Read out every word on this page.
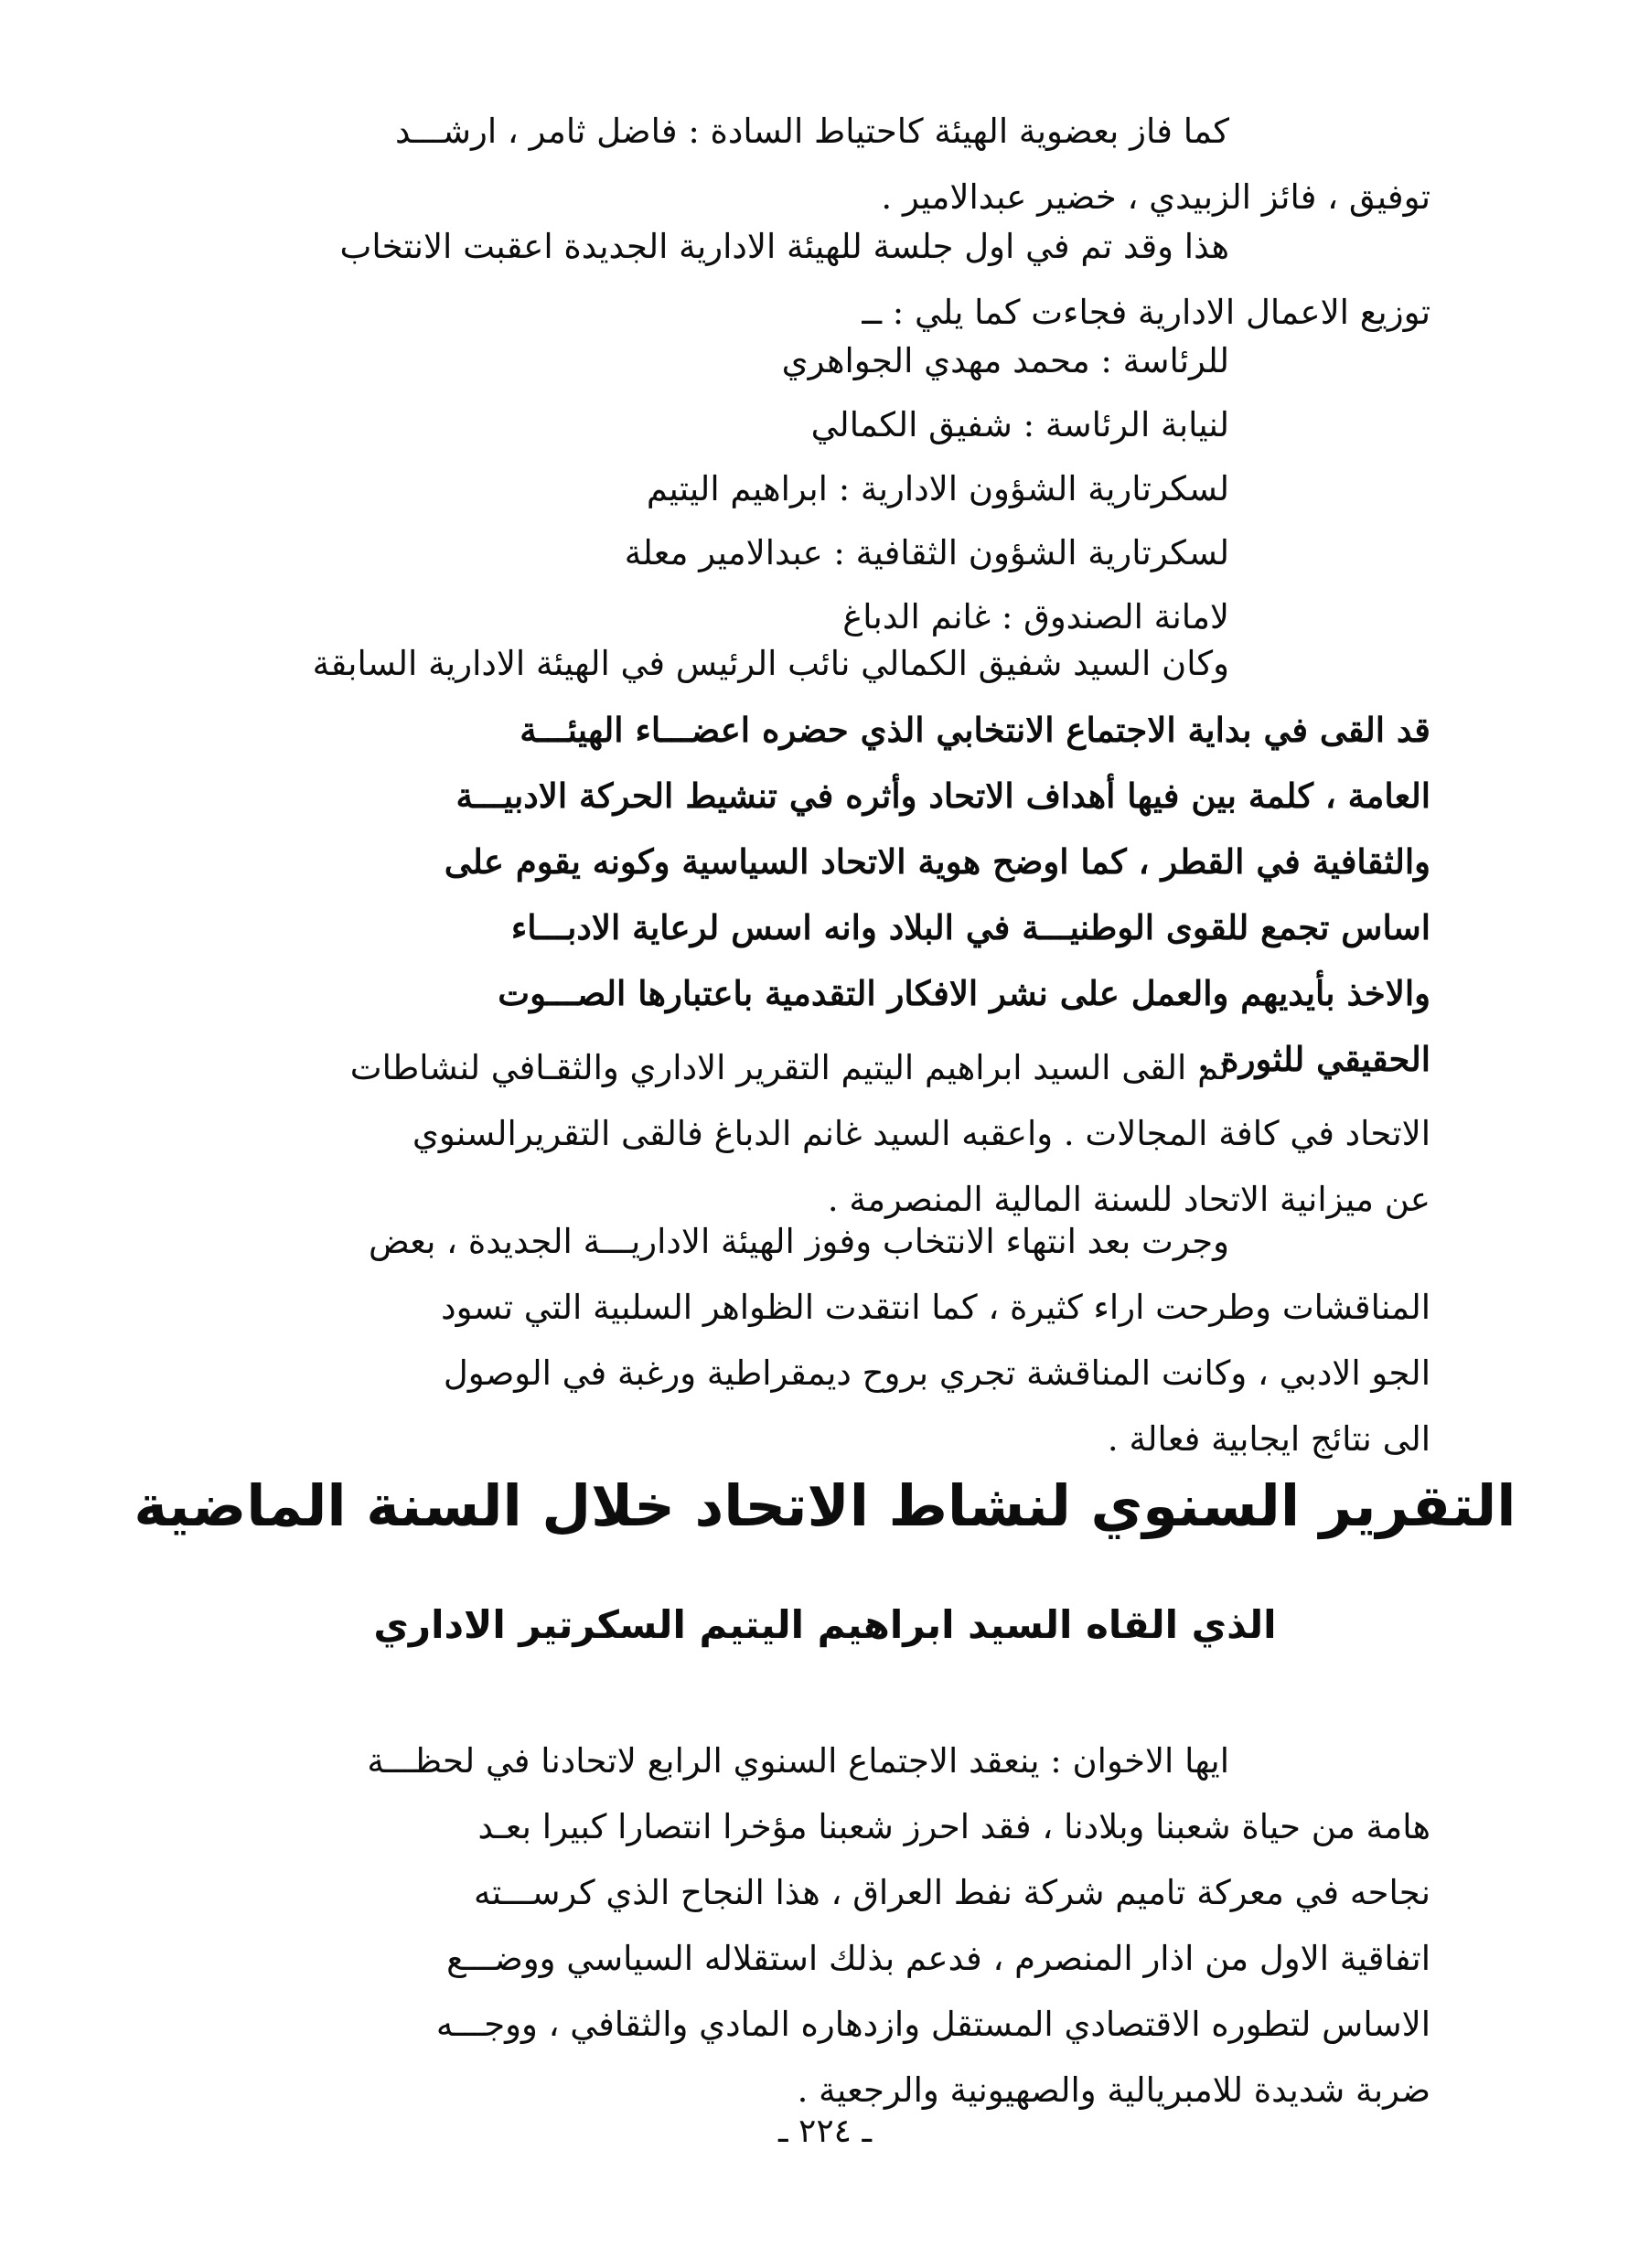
كما فاز بعضوية الهيئة كاحتياط السادة : فاضل ثامر ، ارشـــد
توفيق ، فائز الزبيدي ، خضير عبدالامير .
هذا وقد تم في اول جلسة للهيئة الادارية الجديدة اعقبت الانتخاب
توزيع الاعمال الادارية فجاءت كما يلي : ــ
للرئاسة : محمد مهدي الجواهري
لنيابة الرئاسة : شفيق الكمالي
لسكرتارية الشؤون الادارية : ابراهيم اليتيم
لسكرتارية الشؤون الثقافية : عبدالامير معلة
لامانة الصندوق : غانم الدباغ
وكان السيد شفيق الكمالي نائب الرئيس في الهيئة الادارية السابقة
قد القى في بداية الاجتماع الانتخابي الذي حضره اعضـــاء الهيئـــة
العامة ، كلمة بين فيها أهداف الاتحاد وأثره في تنشيط الحركة الادبيـــة
والثقافية في القطر ، كما اوضح هوية الاتحاد السياسية وكونه يقوم على
اساس تجمع للقوى الوطنيـــة في البلاد وانه اسس لرعاية الادبـــاء
والاخذ بأيديهم والعمل على نشر الافكار التقدمية باعتبارها الصـــوت
الحقيقي للثورة .
ثم القى السيد ابراهيم اليتيم التقرير الاداري والثقـافي لنشاطات
الاتحاد في كافة المجالات . واعقبه السيد غانم الدباغ فالقى التقريرالسنوي
عن ميزانية الاتحاد للسنة المالية المنصرمة .
وجرت بعد انتهاء الانتخاب وفوز الهيئة الاداريـــة الجديدة ، بعض
المناقشات وطرحت اراء كثيرة ، كما انتقدت الظواهر السلبية التي تسود
الجو الادبي ، وكانت المناقشة تجري بروح ديمقراطية ورغبة في الوصول
الى نتائج ايجابية فعالة .
التقرير السنوي لنشاط الاتحاد خلال السنة الماضية
الذي القاه السيد ابراهيم اليتيم السكرتير الاداري
ايها الاخوان : ينعقد الاجتماع السنوي الرابع لاتحادنا في لحظـــة
هامة من حياة شعبنا وبلادنا ، فقد احرز شعبنا مؤخرا انتصارا كبيرا بعـد
نجاحه في معركة تاميم شركة نفط العراق ، هذا النجاح الذي كرســـته
اتفاقية الاول من اذار المنصرم ، فدعم بذلك استقلاله السياسي ووضـــع
الاساس لتطوره الاقتصادي المستقل وازدهاره المادي والثقافي ، ووجـــه
ضربة شديدة للامبريالية والصهيونية والرجعية .
ـ ٢٢٤ ـ
